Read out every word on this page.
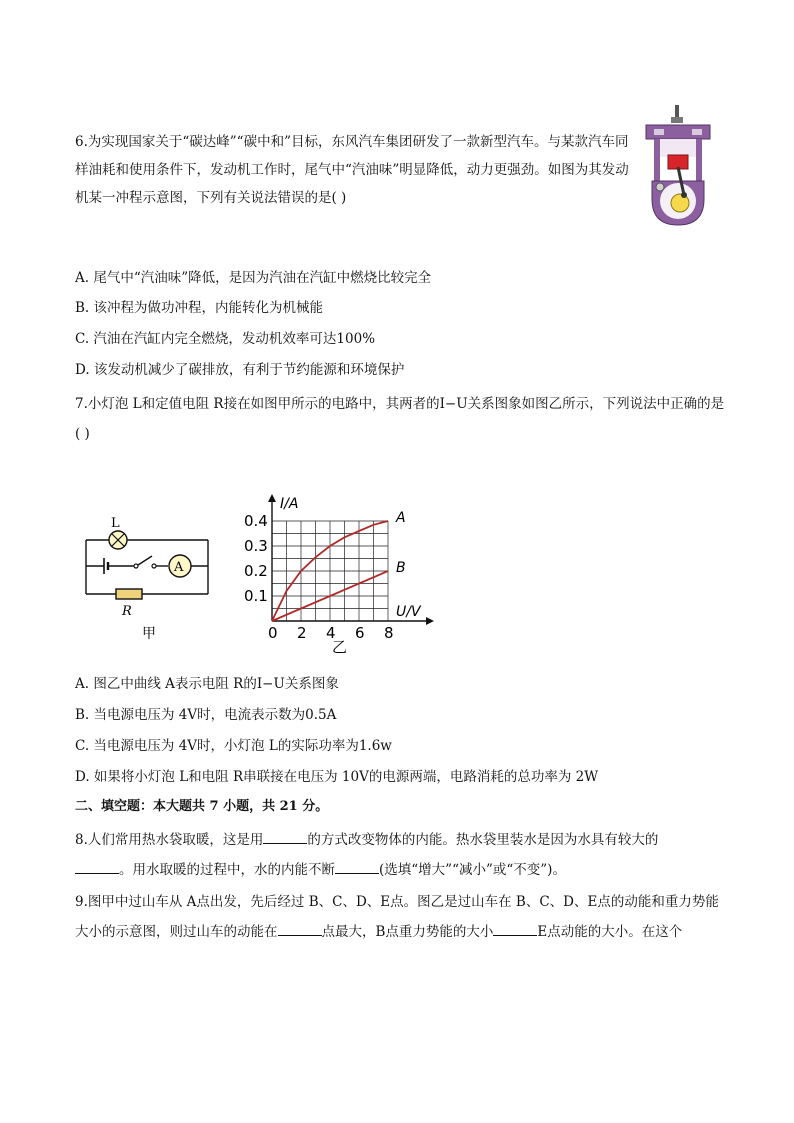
6.为实现国家关于“碳达峰”“碳中和”目标，东风汽车集团研发了一款新型汽车。与某款汽车同样油耗和使用条件下，发动机工作时，尾气中“汽油味”明显降低，动力更强劲。如图为其发动机某一冲程示意图，下列有关说法错误的是( )
A. 尾气中“汽油味”降低，是因为汽油在汽缸中燃烧比较完全
B. 该冲程为做功冲程，内能转化为机械能
C. 汽油在汽缸内完全燃烧，发动机效率可达100%
D. 该发动机减少了碳排放，有利于节约能源和环境保护
7.小灯泡 L和定值电阻 R接在如图甲所示的电路中，其两者的I−U关系图象如图乙所示，下列说法中正确的是( )
L
A
R
甲	0 2 4 6 8
0.1
0.2
0.3
0.4
I/A
U/V
乙
A
B
A. 图乙中曲线 A表示电阻 R的I−U关系图象
B. 当电源电压为 4V时，电流表示数为0.5A
C. 当电源电压为 4V时，小灯泡 L的实际功率为1.6w
D. 如果将小灯泡 L和电阻 R串联接在电压为 10V的电源两端，电路消耗的总功率为 2W
二、填空题：本大题共 7 小题，共 21 分。
8.人们常用热水袋取暖，这是用	的方式改变物体的内能。热水袋里装水是因为水具有较大的
。用水取暖的过程中，水的内能不断	(选填“增大”“减小”或“不变”)。
9.图甲中过山车从 A点出发，先后经过 B、C、D、E点。图乙是过山车在 B、C、D、E点的动能和重力势能大小的示意图，则过山车的动能在	点最大，B点重力势能的大小	E点动能的大小。在这个
